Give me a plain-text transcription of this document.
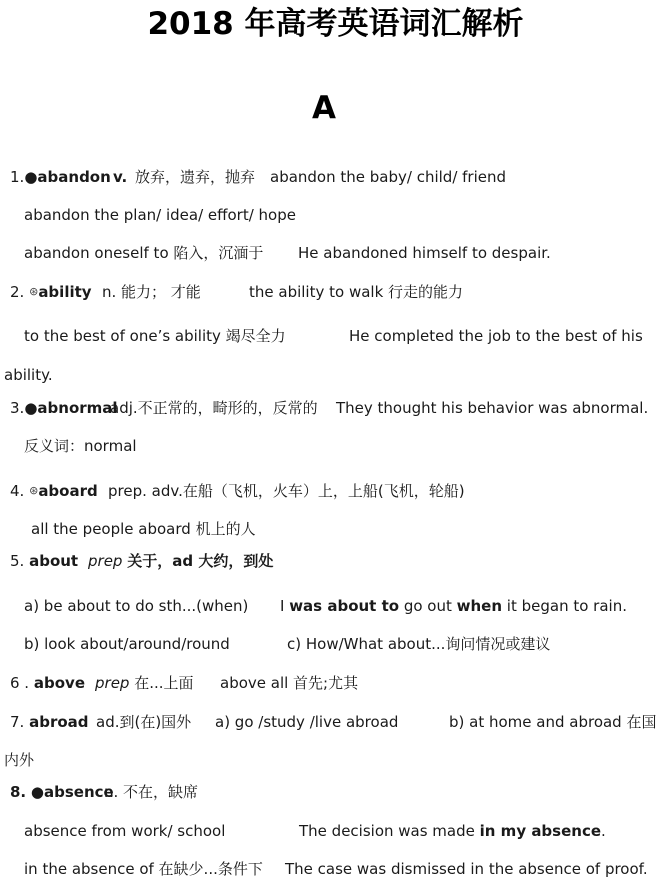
2018 年高考英语词汇解析
A
1.●abandon v. 放弃，遗弃，抛弃 abandon the baby/ child/ friend
abandon the plan/ idea/ effort/ hope
abandon oneself to 陷入，沉湎于 He abandoned himself to despair.
2. ⊛ability n. 能力； 才能	the ability to walk 行走的能力
to the best of one’s ability 竭尽全力	He completed the job to the best of his
ability.
3.●abnormal
adj.不正常的，畸形的，反常的 They thought his behavior was abnormal.
反义词：normal
4. ⊛aboard prep. adv.在船（飞机，火车）上，上船(飞机，轮船)
all the people aboard 机上的人
5. about prep 关于，ad 大约，到处
a) be about to do sth...(when) I was about to go out when it began to rain.
b) look about/around/round	c) How/What about...询问情况或建议
6 . above prep 在...上面 above all 首先;尤其
7. abroad ad.到(在)国外 a) go /study /live abroad	b) at home and abroad 在国
内外
8. ●absence
n. 不在，缺席
absence from work/ school	The decision was made in my absence.
in the absence of 在缺少...条件下 The case was dismissed in the absence of proof.
